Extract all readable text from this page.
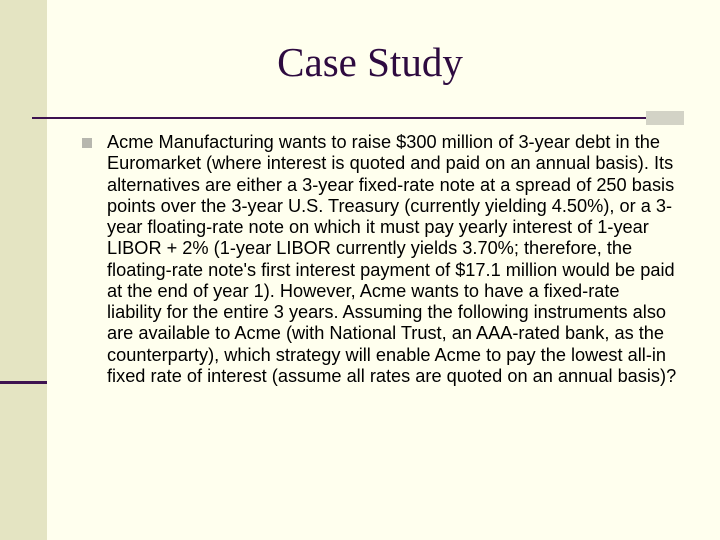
Case Study

Acme Manufacturing wants to raise $300 million of 3-year debt in the Euromarket (where interest is quoted and paid on an annual basis). Its alternatives are either a 3-year fixed-rate note at a spread of 250 basis points over the 3-year U.S. Treasury (currently yielding 4.50%), or a 3-year floating-rate note on which it must pay yearly interest of 1-year LIBOR + 2% (1-year LIBOR currently yields 3.70%; therefore, the floating-rate note's first interest payment of $17.1 million would be paid at the end of year 1). However, Acme wants to have a fixed-rate liability for the entire 3 years. Assuming the following instruments also are available to Acme (with National Trust, an AAA-rated bank, as the counterparty), which strategy will enable Acme to pay the lowest all-in fixed rate of interest (assume all rates are quoted on an annual basis)?
